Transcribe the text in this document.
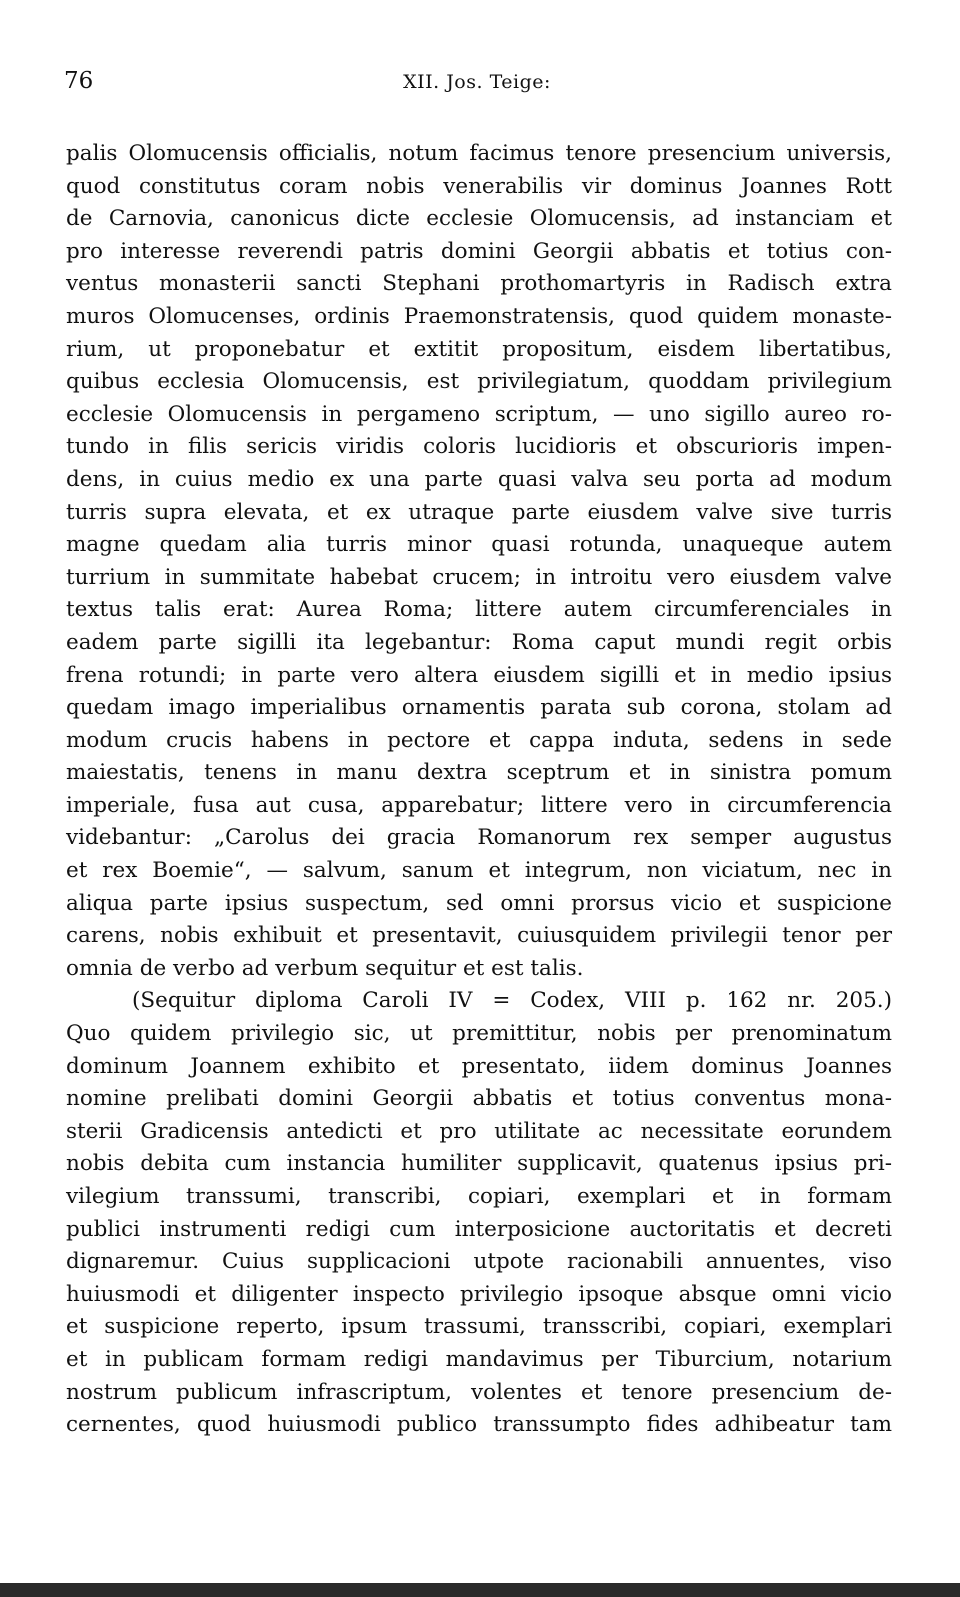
76	XII. Jos. Teige:
palis Olomucensis officialis, notum facimus tenore presencium universis,
quod constitutus coram nobis venerabilis vir dominus Joannes Rott
de Carnovia, canonicus dicte ecclesie Olomucensis, ad instanciam et
pro interesse reverendi patris domini Georgii abbatis et totius con-
ventus monasterii sancti Stephani prothomartyris in Radisch extra
muros Olomucenses, ordinis Praemonstratensis, quod quidem monaste-
rium, ut proponebatur et extitit propositum, eisdem libertatibus,
quibus ecclesia Olomucensis, est privilegiatum, quoddam privilegium
ecclesie Olomucensis in pergameno scriptum, — uno sigillo aureo ro-
tundo in filis sericis viridis coloris lucidioris et obscurioris impen-
dens, in cuius medio ex una parte quasi valva seu porta ad modum
turris supra elevata, et ex utraque parte eiusdem valve sive turris
magne quedam alia turris minor quasi rotunda, unaqueque autem
turrium in summitate habebat crucem; in introitu vero eiusdem valve
textus talis erat: Aurea Roma; littere autem circumferenciales in
eadem parte sigilli ita legebantur: Roma caput mundi regit orbis
frena rotundi; in parte vero altera eiusdem sigilli et in medio ipsius
quedam imago imperialibus ornamentis parata sub corona, stolam ad
modum crucis habens in pectore et cappa induta, sedens in sede
maiestatis, tenens in manu dextra sceptrum et in sinistra pomum
imperiale, fusa aut cusa, apparebatur; littere vero in circumferencia
videbantur: „Carolus dei gracia Romanorum rex semper augustus
et rex Boemie“, — salvum, sanum et integrum, non viciatum, nec in
aliqua parte ipsius suspectum, sed omni prorsus vicio et suspicione
carens, nobis exhibuit et presentavit, cuiusquidem privilegii tenor per
omnia de verbo ad verbum sequitur et est talis.
(Sequitur diploma Caroli IV = Codex, VIII p. 162 nr. 205.)
Quo quidem privilegio sic, ut premittitur, nobis per prenominatum
dominum Joannem exhibito et presentato, iidem dominus Joannes
nomine prelibati domini Georgii abbatis et totius conventus mona-
sterii Gradicensis antedicti et pro utilitate ac necessitate eorundem
nobis debita cum instancia humiliter supplicavit, quatenus ipsius pri-
vilegium transsumi, transcribi, copiari, exemplari et in formam
publici instrumenti redigi cum interposicione auctoritatis et decreti
dignaremur. Cuius supplicacioni utpote racionabili annuentes, viso
huiusmodi et diligenter inspecto privilegio ipsoque absque omni vicio
et suspicione reperto, ipsum trassumi, transscribi, copiari, exemplari
et in publicam formam redigi mandavimus per Tiburcium, notarium
nostrum publicum infrascriptum, volentes et tenore presencium de-
cernentes, quod huiusmodi publico transsumpto fides adhibeatur tam
